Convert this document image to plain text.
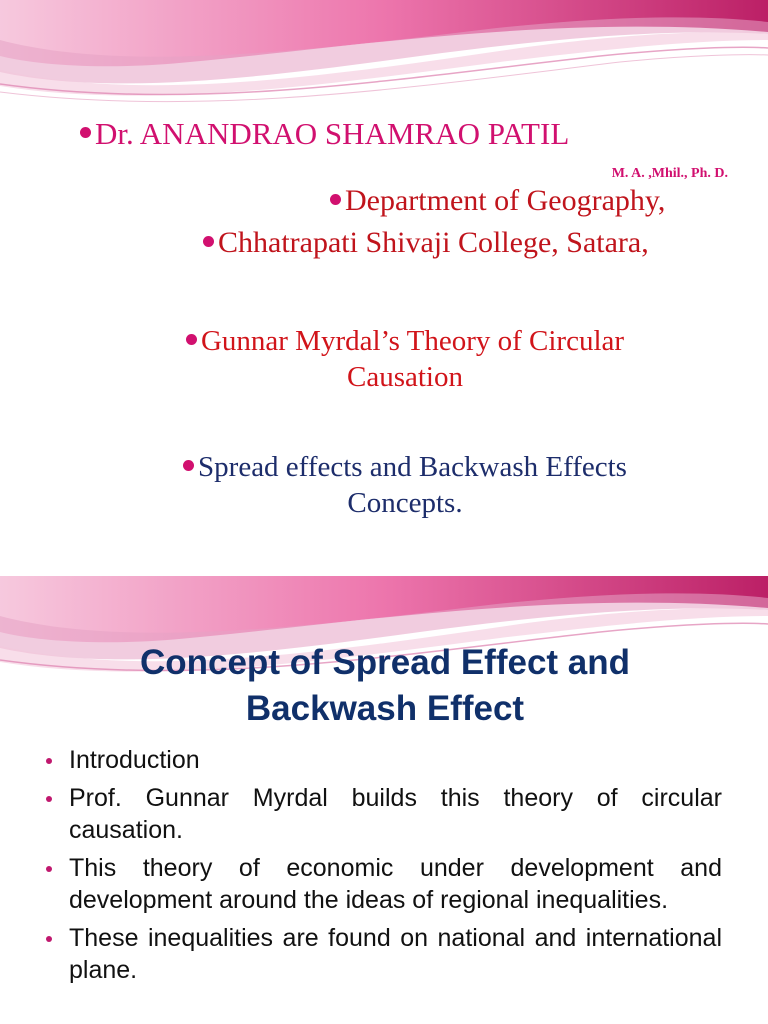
Dr. ANANDRAO SHAMRAO PATIL
M. A. ,Mhil., Ph. D.
Department of Geography,
Chhatrapati Shivaji College, Satara,
Gunnar Myrdal’s Theory of Circular
Causation
Spread effects and Backwash Effects
Concepts.
Concept of Spread Effect and
Backwash Effect
Introduction
Prof. Gunnar Myrdal builds this theory of circular causation.
This theory of economic under development and development around the ideas of regional inequalities.
These inequalities are found on national and international plane.
